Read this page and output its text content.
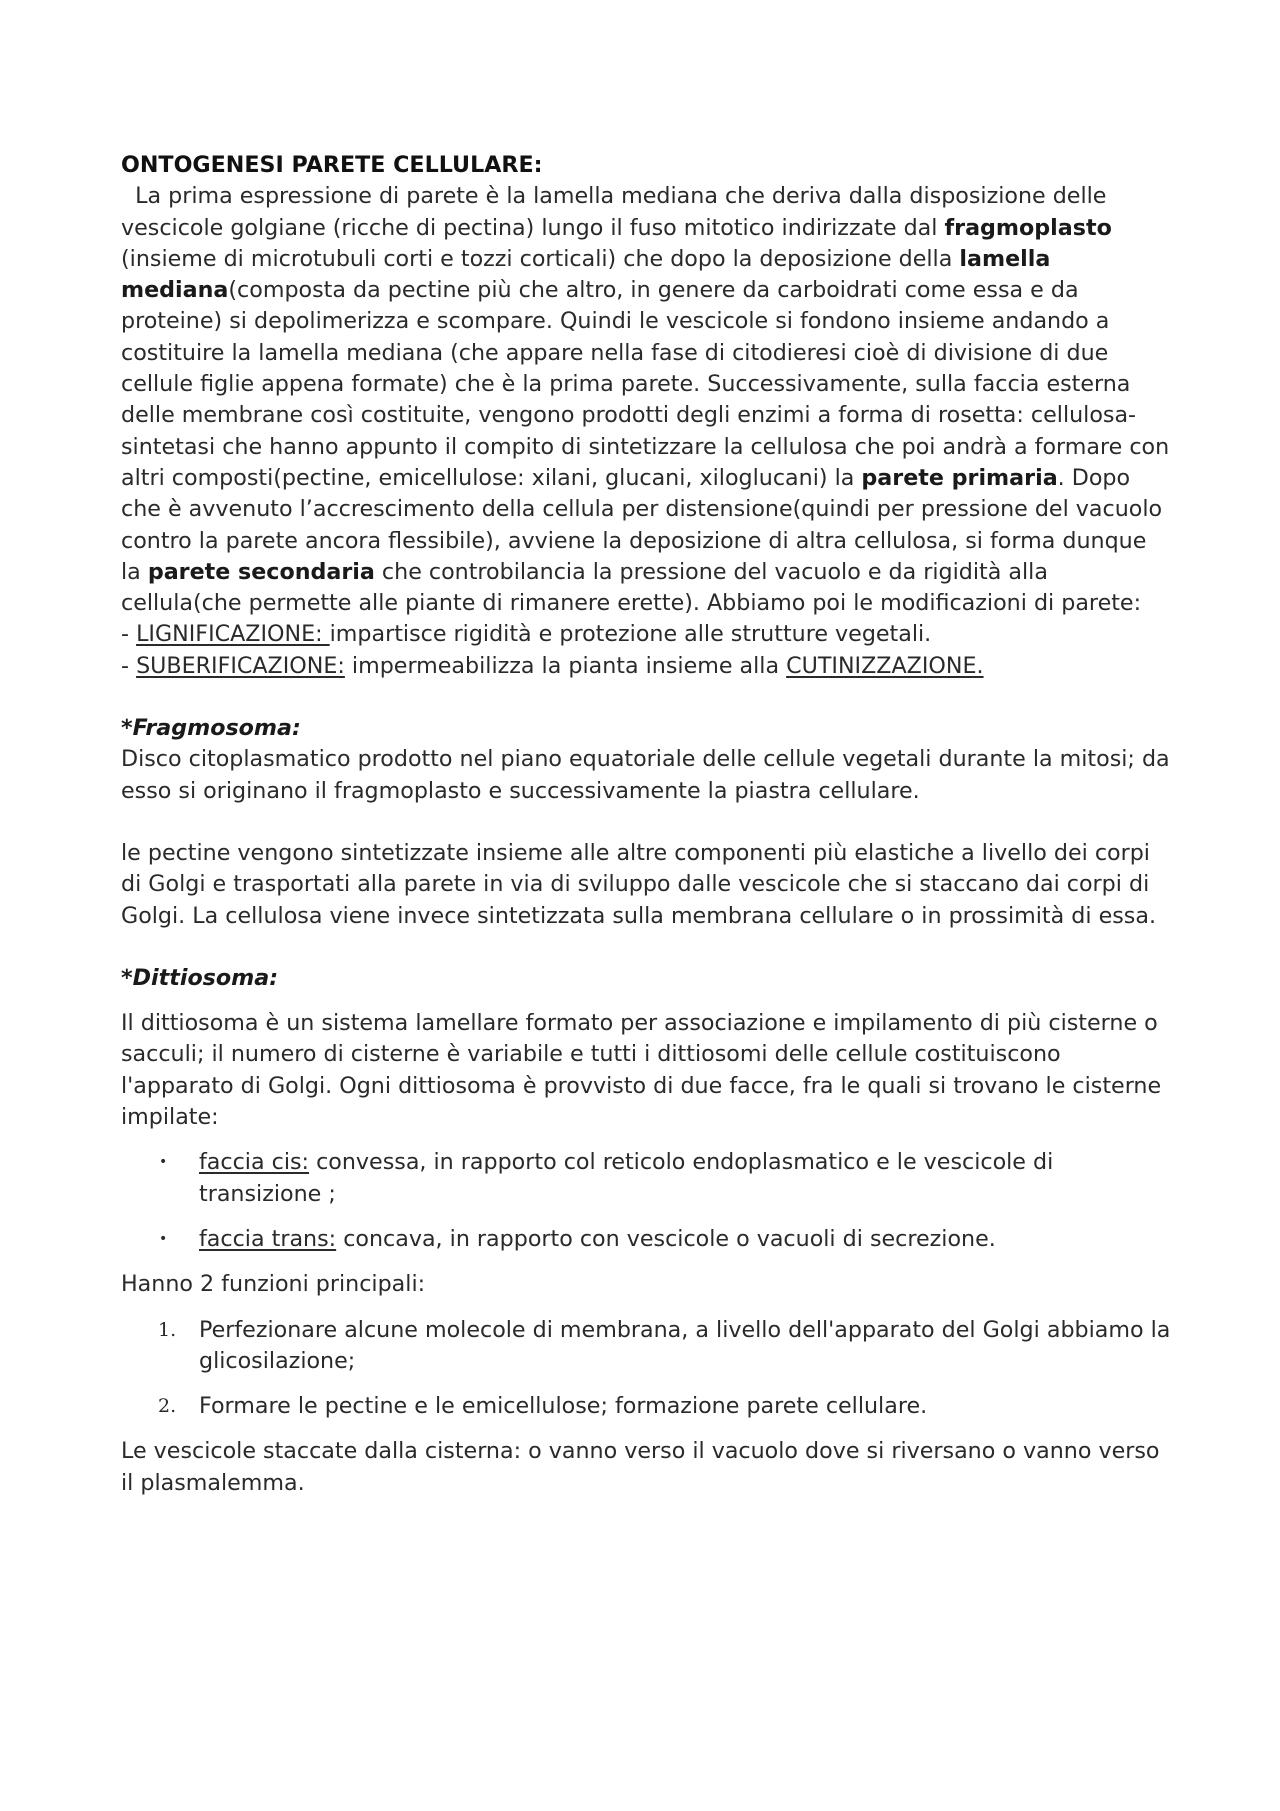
ONTOGENESI PARETE CELLULARE:

La prima espressione di parete è la lamella mediana che deriva dalla disposizione delle vescicole golgiane (ricche di pectina) lungo il fuso mitotico indirizzate dal fragmoplasto (insieme di microtubuli corti e tozzi corticali) che dopo la deposizione della lamella mediana(composta da pectine più che altro, in genere da carboidrati come essa e da proteine) si depolimerizza e scompare. Quindi le vescicole si fondono insieme andando a costituire la lamella mediana (che appare nella fase di citodieresi cioè di divisione di due cellule figlie appena formate) che è la prima parete. Successivamente, sulla faccia esterna delle membrane così costituite, vengono prodotti degli enzimi a forma di rosetta: cellulosa-sintetasi che hanno appunto il compito di sintetizzare la cellulosa che poi andrà a formare con altri composti(pectine, emicellulose: xilani, glucani, xiloglucani) la parete primaria. Dopo che è avvenuto l’accrescimento della cellula per distensione(quindi per pressione del vacuolo contro la parete ancora flessibile), avviene la deposizione di altra cellulosa, si forma dunque la parete secondaria che controbilancia la pressione del vacuolo e da rigidità alla cellula(che permette alle piante di rimanere erette). Abbiamo poi le modificazioni di parete:

- LIGNIFICAZIONE: impartisce rigidità e protezione alle strutture vegetali.

- SUBERIFICAZIONE: impermeabilizza la pianta insieme alla CUTINIZZAZIONE.

*Fragmosoma:

Disco citoplasmatico prodotto nel piano equatoriale delle cellule vegetali durante la mitosi; da esso si originano il fragmoplasto e successivamente la piastra cellulare.

le pectine vengono sintetizzate insieme alle altre componenti più elastiche a livello dei corpi di Golgi e trasportati alla parete in via di sviluppo dalle vescicole che si staccano dai corpi di Golgi. La cellulosa viene invece sintetizzata sulla membrana cellulare o in prossimità di essa.

*Dittiosoma:

Il dittiosoma è un sistema lamellare formato per associazione e impilamento di più cisterne o sacculi; il numero di cisterne è variabile e tutti i dittiosomi delle cellule costituiscono l'apparato di Golgi. Ogni dittiosoma è provvisto di due facce, fra le quali si trovano le cisterne impilate:

• faccia cis: convessa, in rapporto col reticolo endoplasmatico e le vescicole di transizione ;
• faccia trans: concava, in rapporto con vescicole o vacuoli di secrezione.

Hanno 2 funzioni principali:

1. Perfezionare alcune molecole di membrana, a livello dell'apparato del Golgi abbiamo la glicosilazione;
2. Formare le pectine e le emicellulose; formazione parete cellulare.

Le vescicole staccate dalla cisterna: o vanno verso il vacuolo dove si riversano o vanno verso il plasmalemma.
